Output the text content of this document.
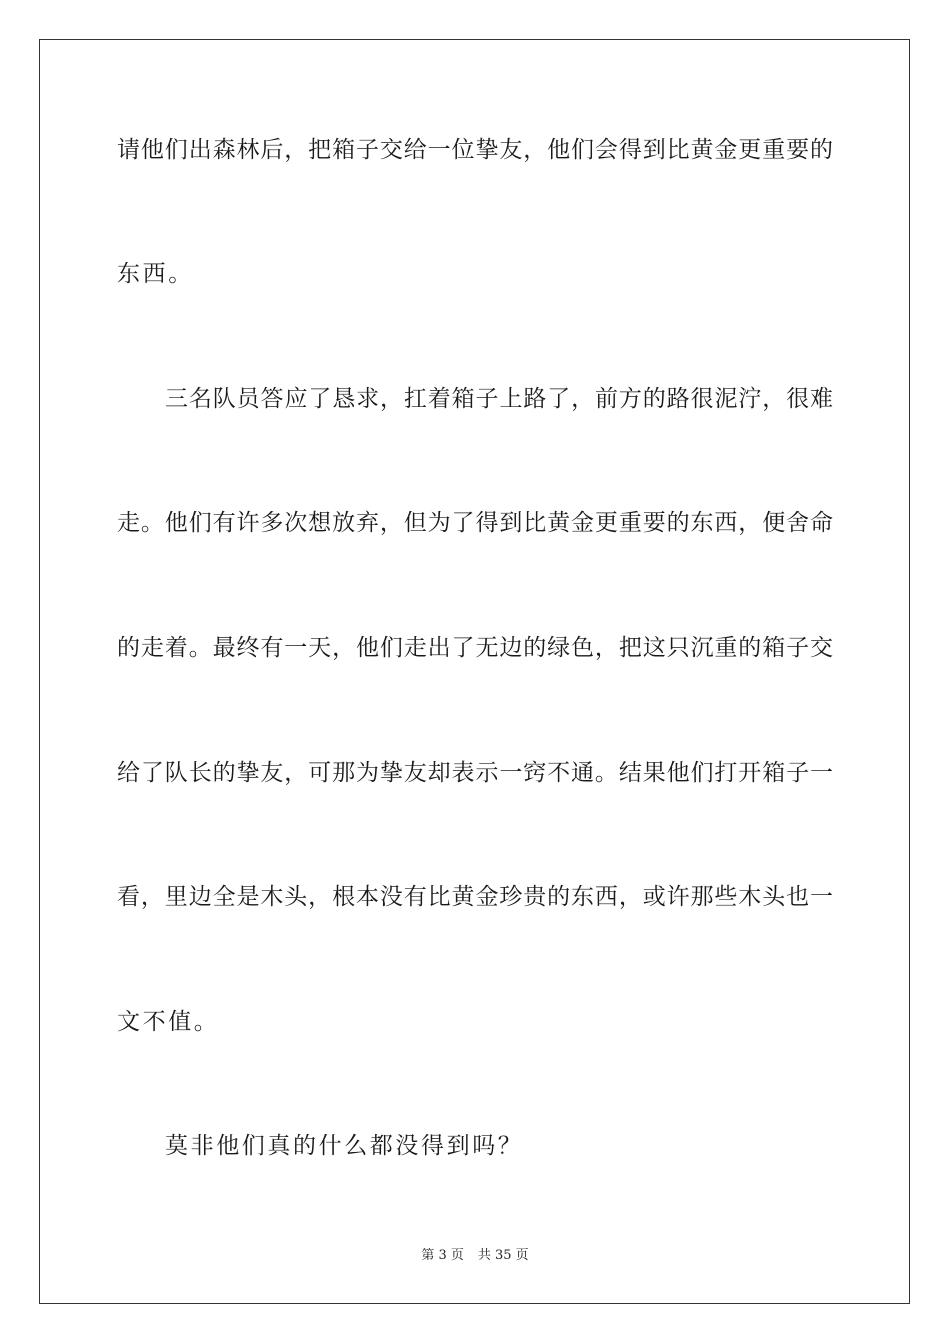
请他们出森林后，把箱子交给一位挚友，他们会得到比黄金更重要的
东西。
三名队员答应了恳求，扛着箱子上路了，前方的路很泥泞，很难
走。他们有许多次想放弃，但为了得到比黄金更重要的东西，便舍命
的走着。最终有一天，他们走出了无边的绿色，把这只沉重的箱子交
给了队长的挚友，可那为挚友却表示一窍不通。结果他们打开箱子一
看，里边全是木头，根本没有比黄金珍贵的东西，或许那些木头也一
文不值。
莫非他们真的什么都没得到吗？
第 3 页 共 35 页
